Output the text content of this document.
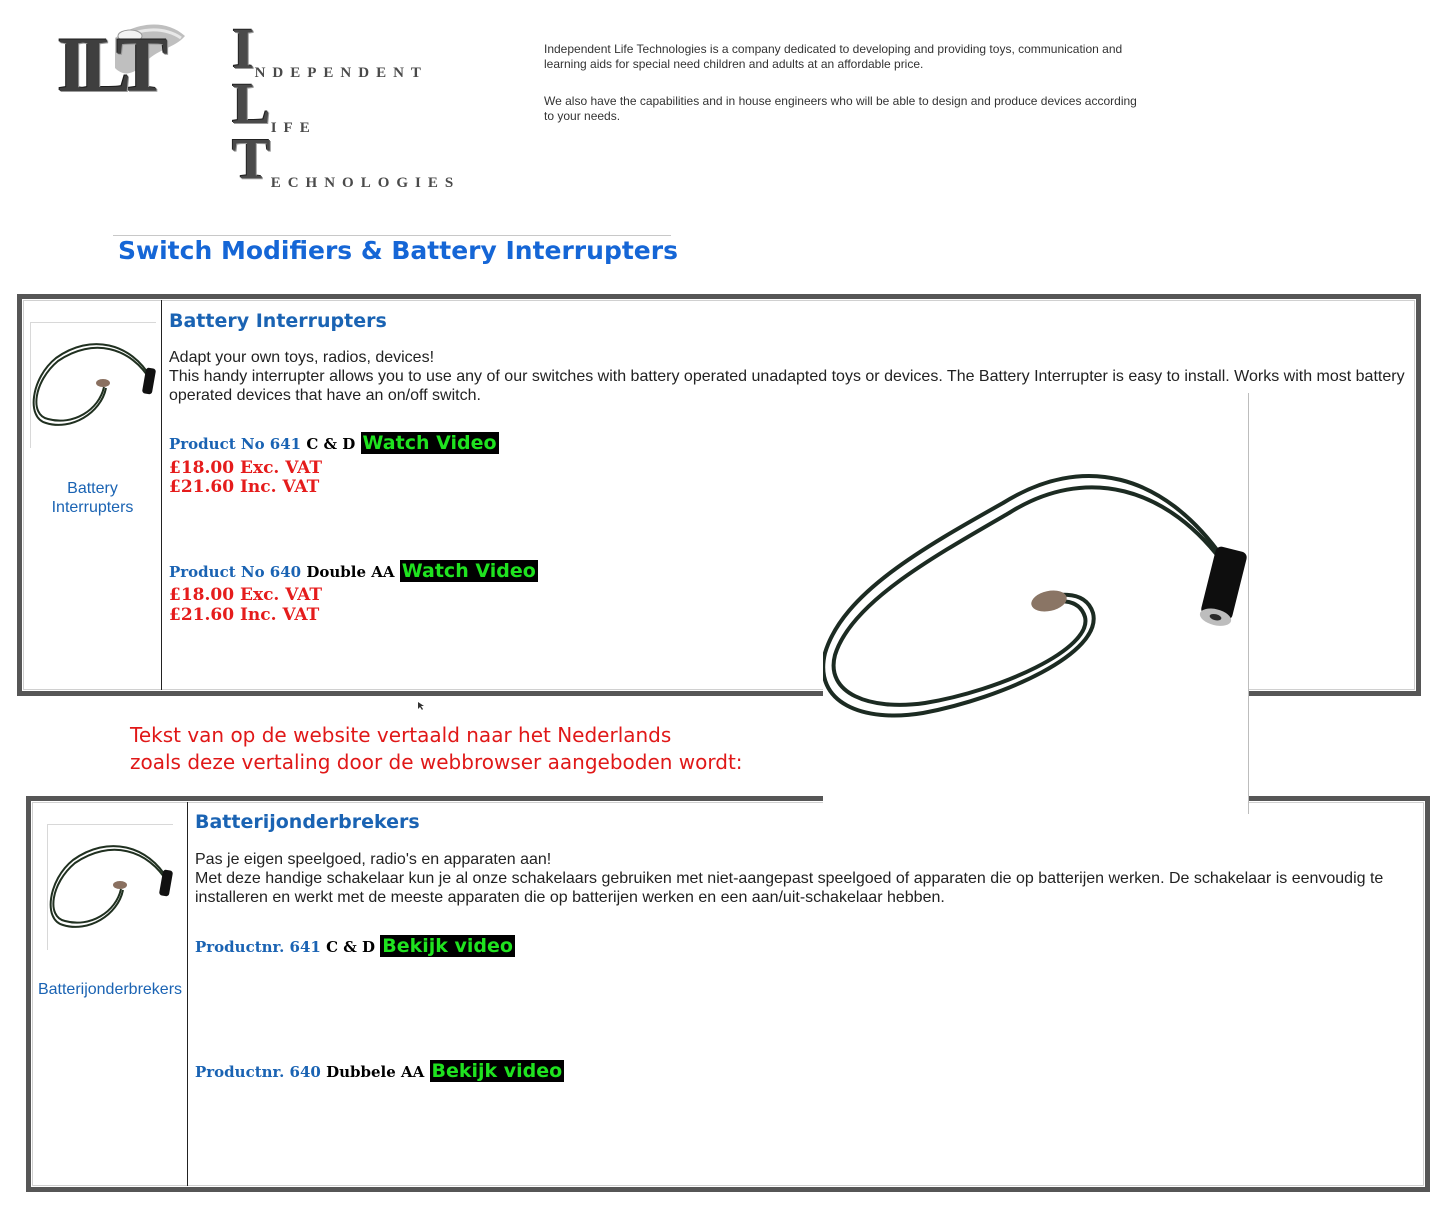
ILT INDEPENDENT
LIFE
TECHNOLOGIES

Independent Life Technologies is a company dedicated to developing and providing toys, communication and learning aids for special need children and adults at an affordable price.

We also have the capabilities and in house engineers who will be able to design and produce devices according to your needs.

Switch Modifiers & Battery Interrupters
Battery Interrupters
Battery Interrupters
Adapt your own toys, radios, devices!
This handy interrupter allows you to use any of our switches with battery operated unadapted toys or devices. The Battery Interrupter is easy to install. Works with most battery operated devices that have an on/off switch.
Product No 641 C & D Watch Video
£18.00 Exc. VAT
£21.60 Inc. VAT
Product No 640 Double AA Watch Video
£18.00 Exc. VAT
£21.60 Inc. VAT
Tekst van op de website vertaald naar het Nederlands
zoals deze vertaling door de webbrowser aangeboden wordt:
Batterijonderbrekers
Batterijonderbrekers
Pas je eigen speelgoed, radio's en apparaten aan!
Met deze handige schakelaar kun je al onze schakelaars gebruiken met niet-aangepast speelgoed of apparaten die op batterijen werken. De schakelaar is eenvoudig te installeren en werkt met de meeste apparaten die op batterijen werken en een aan/uit-schakelaar hebben.
Productnr. 641 C & D Bekijk video
Productnr. 640 Dubbele AA Bekijk video
